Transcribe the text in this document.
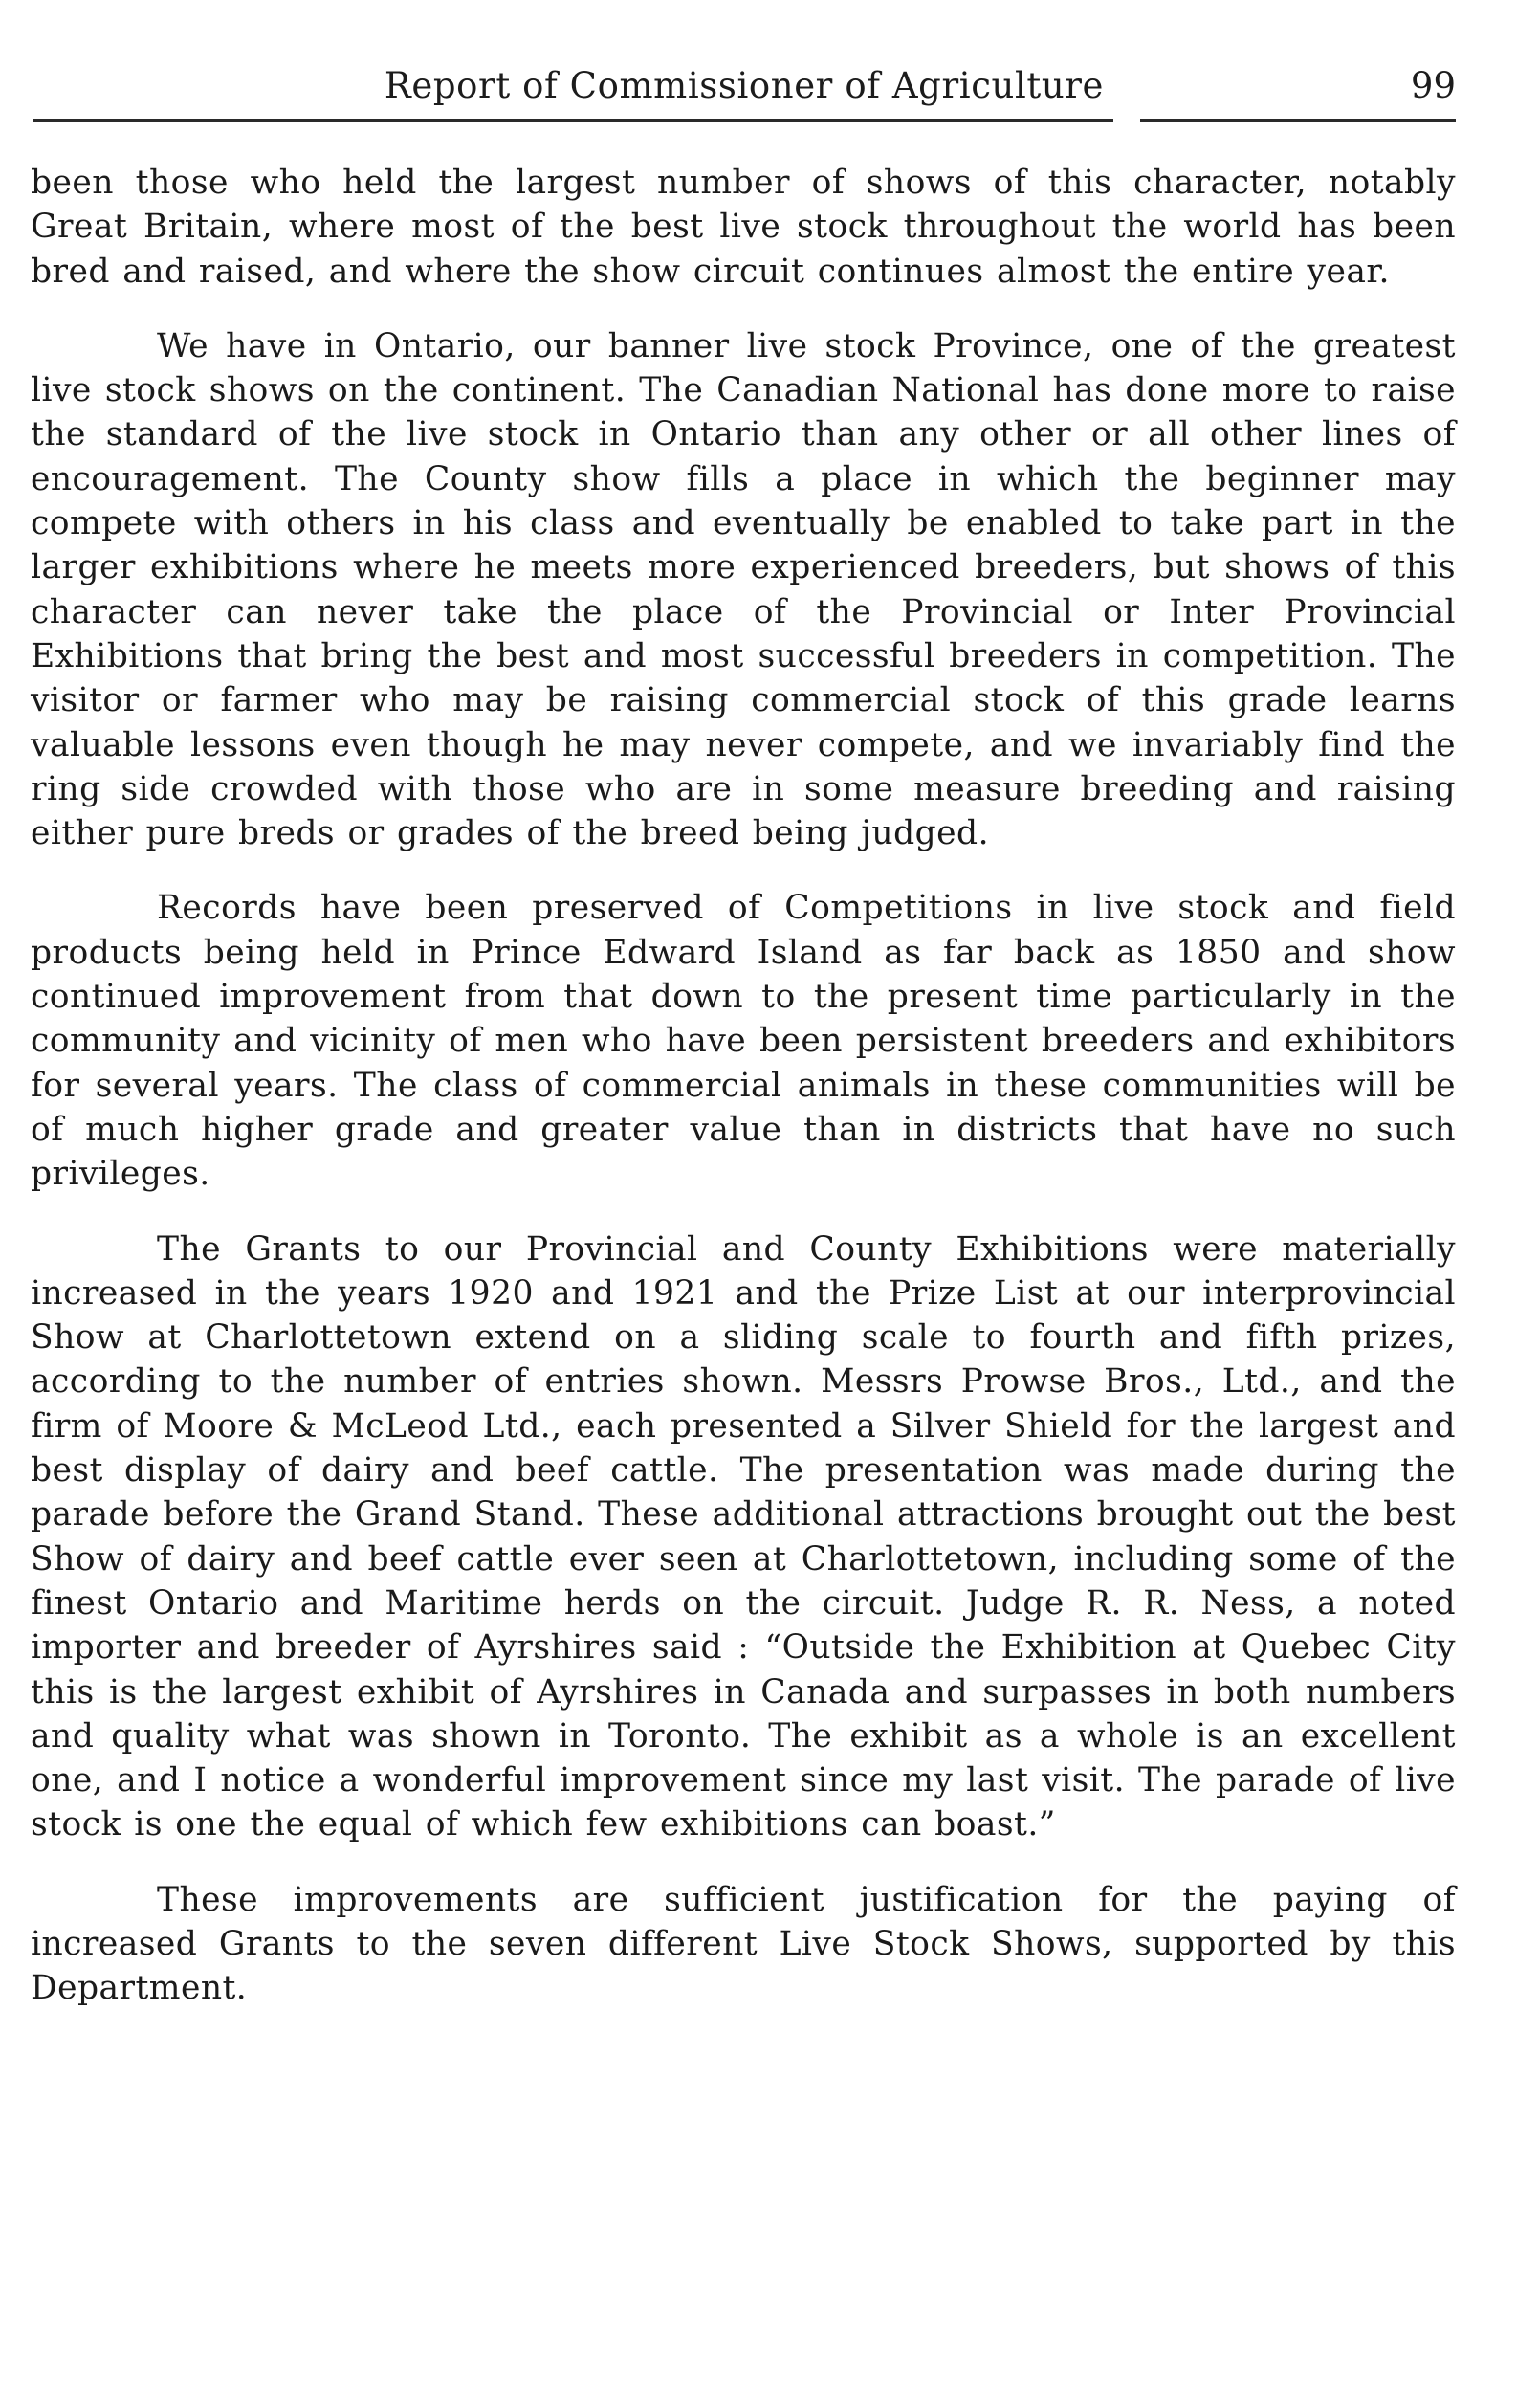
Report of Commissioner of Agriculture	99

been those who held the largest number of shows of this character, notably Great Britain, where most of the best live stock throughout the world has been bred and raised, and where the show circuit continues almost the entire year.

We have in Ontario, our banner live stock Province, one of the greatest live stock shows on the continent. The Canadian National has done more to raise the standard of the live stock in Ontario than any other or all other lines of encouragement. The County show fills a place in which the beginner may compete with others in his class and eventually be enabled to take part in the larger exhibitions where he meets more experienced breeders, but shows of this character can never take the place of the Provincial or Inter Provincial Exhibitions that bring the best and most successful breeders in competition. The visitor or farmer who may be raising commercial stock of this grade learns valuable lessons even though he may never compete, and we invariably find the ring side crowded with those who are in some measure breeding and raising either pure breds or grades of the breed being judged.

Records have been preserved of Competitions in live stock and field products being held in Prince Edward Island as far back as 1850 and show continued improvement from that down to the present time particularly in the community and vicinity of men who have been persistent breeders and exhibitors for several years. The class of commercial animals in these communities will be of much higher grade and greater value than in districts that have no such privileges.

The Grants to our Provincial and County Exhibitions were materially increased in the years 1920 and 1921 and the Prize List at our interprovincial Show at Charlottetown extend on a sliding scale to fourth and fifth prizes, according to the number of entries shown. Messrs Prowse Bros., Ltd., and the firm of Moore & McLeod Ltd., each presented a Silver Shield for the largest and best display of dairy and beef cattle. The presentation was made during the parade before the Grand Stand. These additional attractions brought out the best Show of dairy and beef cattle ever seen at Charlottetown, including some of the finest Ontario and Maritime herds on the circuit. Judge R. R. Ness, a noted importer and breeder of Ayrshires said : “Outside the Exhibition at Quebec City this is the largest exhibit of Ayrshires in Canada and surpasses in both numbers and quality what was shown in Toronto. The exhibit as a whole is an excellent one, and I notice a wonderful improvement since my last visit. The parade of live stock is one the equal of which few exhibitions can boast.”

These improvements are sufficient justification for the paying of increased Grants to the seven different Live Stock Shows, supported by this Department.
